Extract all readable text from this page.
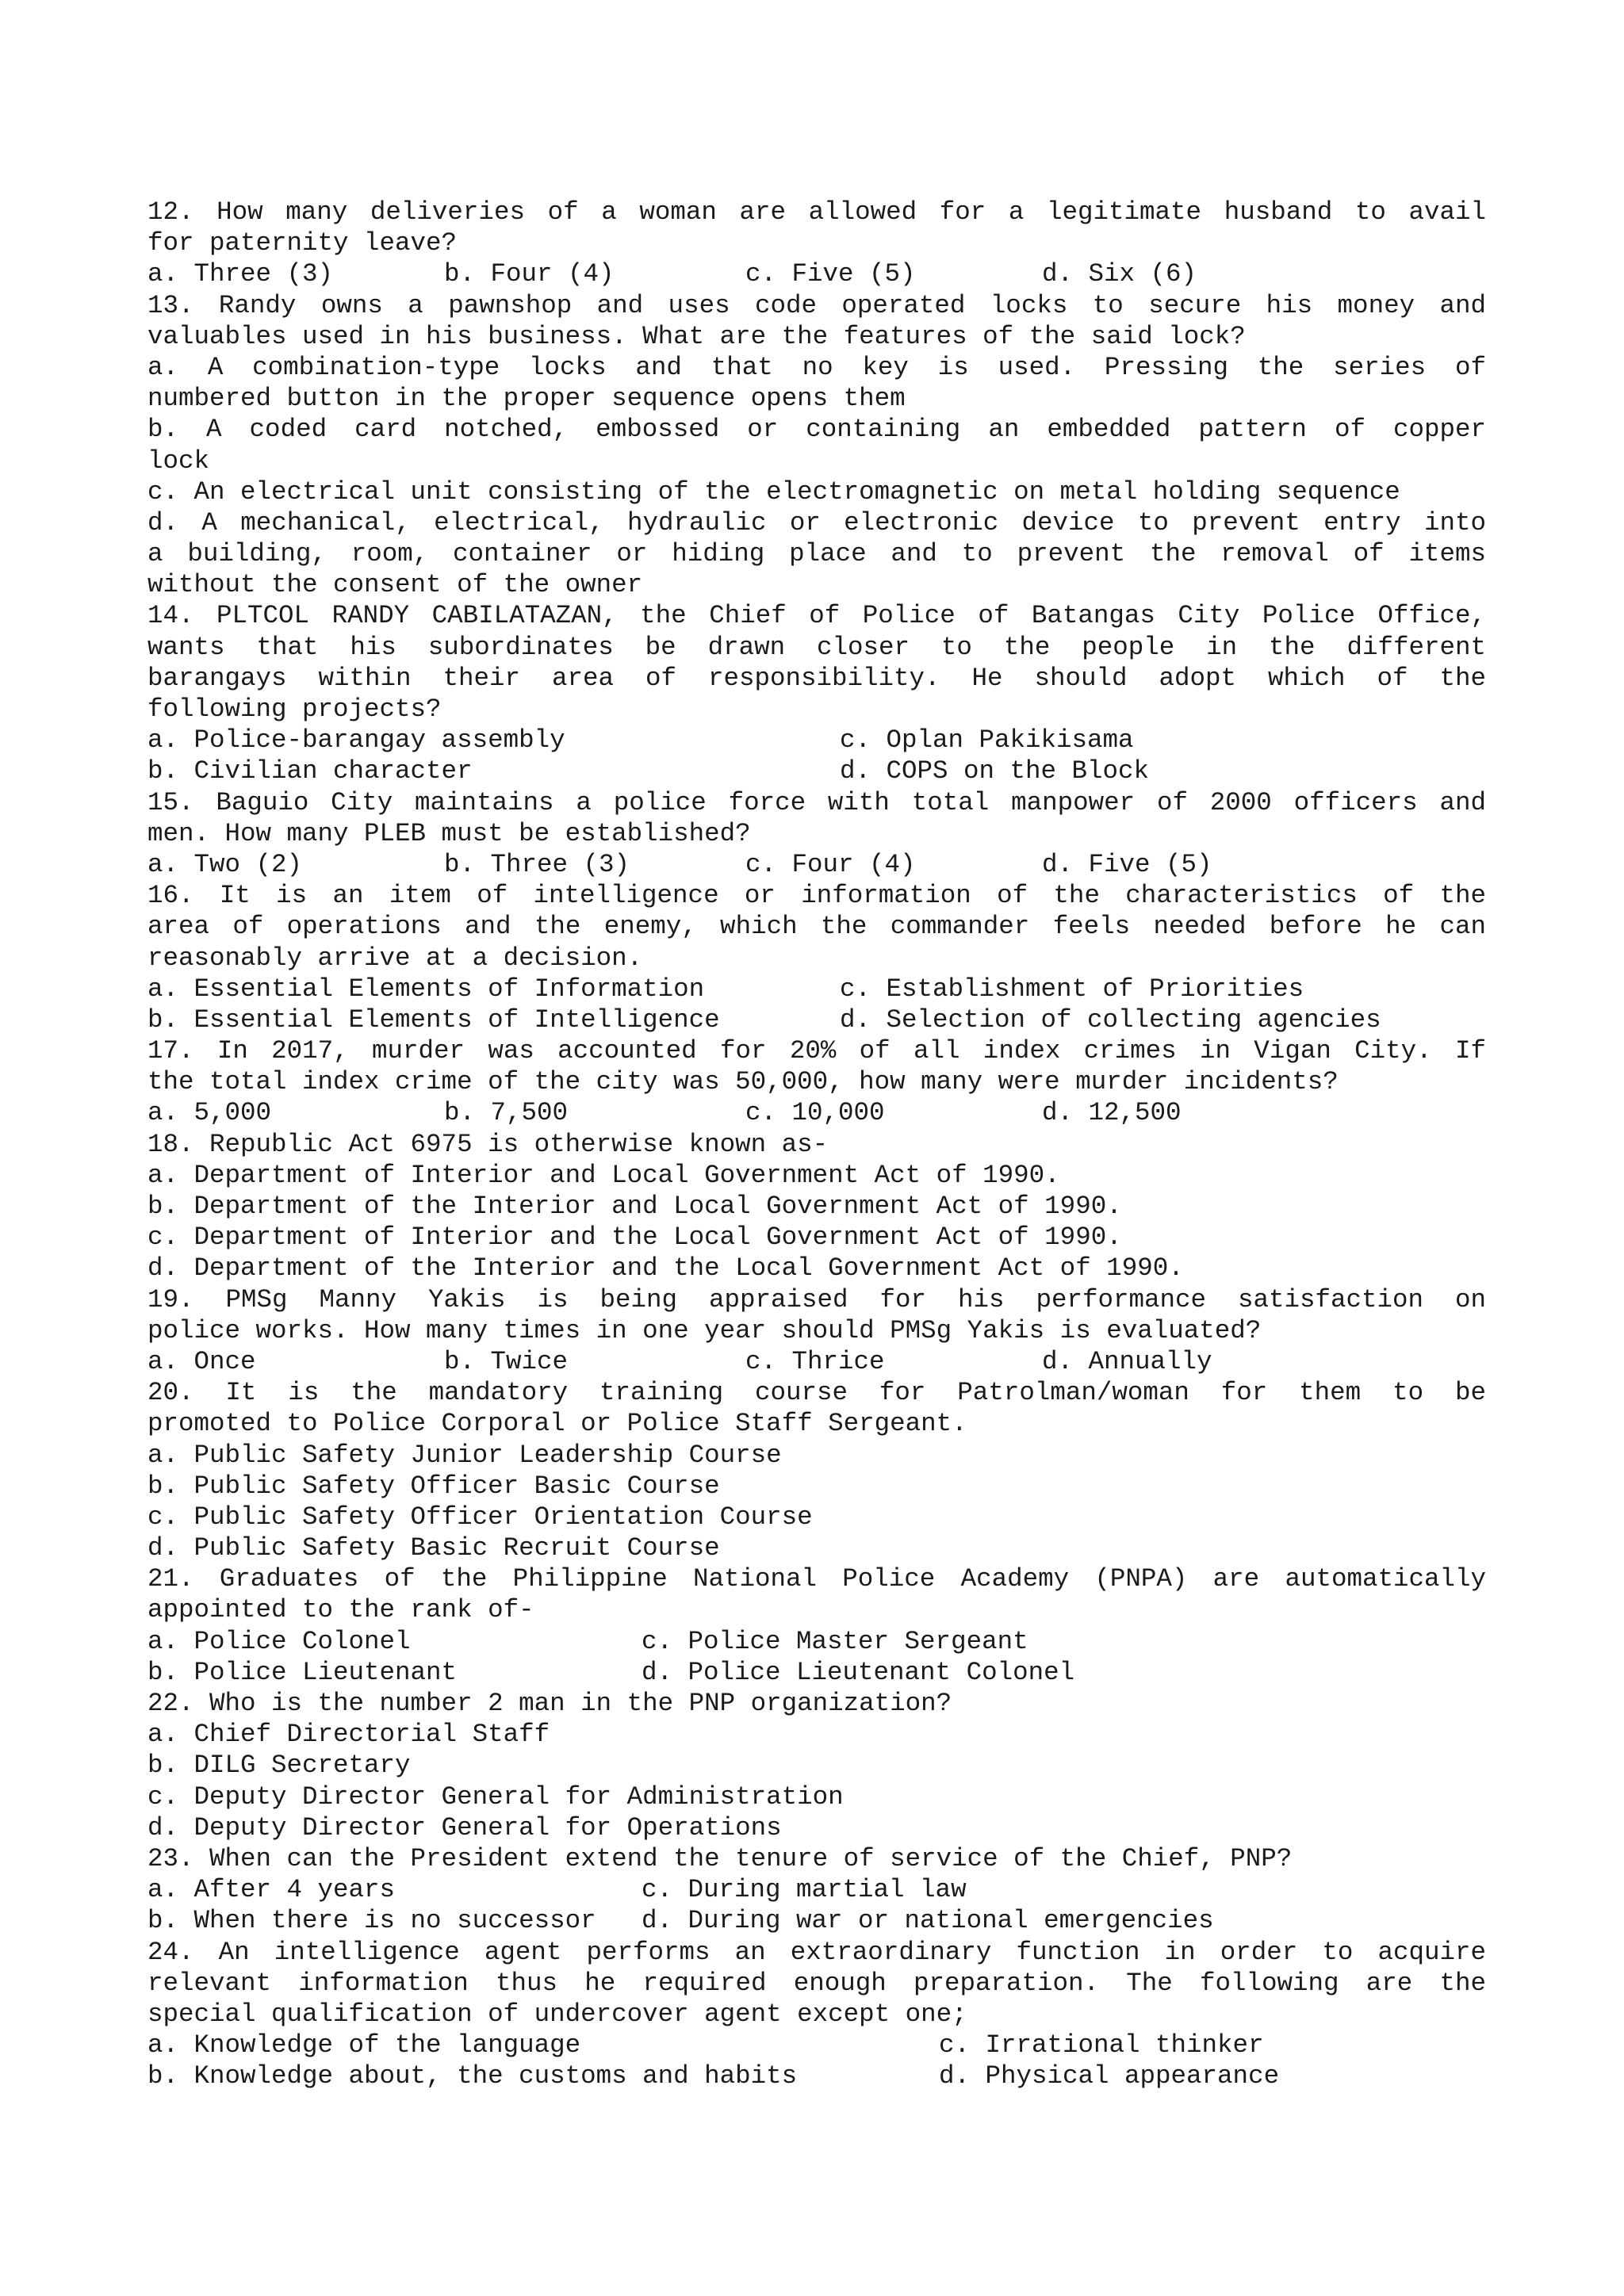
12. How many deliveries of a woman are allowed for a legitimate husband to avail
for paternity leave?
a. Three (3)	b. Four (4)	c. Five (5)	d. Six (6)
13. Randy owns a pawnshop and uses code operated locks to secure his money and
valuables used in his business. What are the features of the said lock?
a. A combination-type locks and that no key is used. Pressing the series of
numbered button in the proper sequence opens them
b. A coded card notched, embossed or containing an embedded pattern of copper
lock
c. An electrical unit consisting of the electromagnetic on metal holding sequence
d. A mechanical, electrical, hydraulic or electronic device to prevent entry into
a building, room, container or hiding place and to prevent the removal of items
without the consent of the owner
14. PLTCOL RANDY CABILATAZAN, the Chief of Police of Batangas City Police Office,
wants that his subordinates be drawn closer to the people in the different
barangays within their area of responsibility. He should adopt which of the
following projects?
a. Police-barangay assembly	c. Oplan Pakikisama
b. Civilian character	d. COPS on the Block
15. Baguio City maintains a police force with total manpower of 2000 officers and
men. How many PLEB must be established?
a. Two (2)	b. Three (3)	c. Four (4)	d. Five (5)
16. It is an item of intelligence or information of the characteristics of the
area of operations and the enemy, which the commander feels needed before he can
reasonably arrive at a decision.
a. Essential Elements of Information	c. Establishment of Priorities
b. Essential Elements of Intelligence	d. Selection of collecting agencies
17. In 2017, murder was accounted for 20% of all index crimes in Vigan City. If
the total index crime of the city was 50,000, how many were murder incidents?
a. 5,000	b. 7,500	c. 10,000	d. 12,500
18. Republic Act 6975 is otherwise known as-
a. Department of Interior and Local Government Act of 1990.
b. Department of the Interior and Local Government Act of 1990.
c. Department of Interior and the Local Government Act of 1990.
d. Department of the Interior and the Local Government Act of 1990.
19. PMSg Manny Yakis is being appraised for his performance satisfaction on
police works. How many times in one year should PMSg Yakis is evaluated?
a. Once	b. Twice	c. Thrice	d. Annually
20. It is the mandatory training course for Patrolman/woman for them to be
promoted to Police Corporal or Police Staff Sergeant.
a. Public Safety Junior Leadership Course
b. Public Safety Officer Basic Course
c. Public Safety Officer Orientation Course
d. Public Safety Basic Recruit Course
21. Graduates of the Philippine National Police Academy (PNPA) are automatically
appointed to the rank of-
a. Police Colonel	c. Police Master Sergeant
b. Police Lieutenant	d. Police Lieutenant Colonel
22. Who is the number 2 man in the PNP organization?
a. Chief Directorial Staff
b. DILG Secretary
c. Deputy Director General for Administration
d. Deputy Director General for Operations
23. When can the President extend the tenure of service of the Chief, PNP?
a. After 4 years	c. During martial law
b. When there is no successor	d. During war or national emergencies
24. An intelligence agent performs an extraordinary function in order to acquire
relevant information thus he required enough preparation. The following are the
special qualification of undercover agent except one;
a. Knowledge of the language	c. Irrational thinker
b. Knowledge about, the customs and habits	d. Physical appearance
